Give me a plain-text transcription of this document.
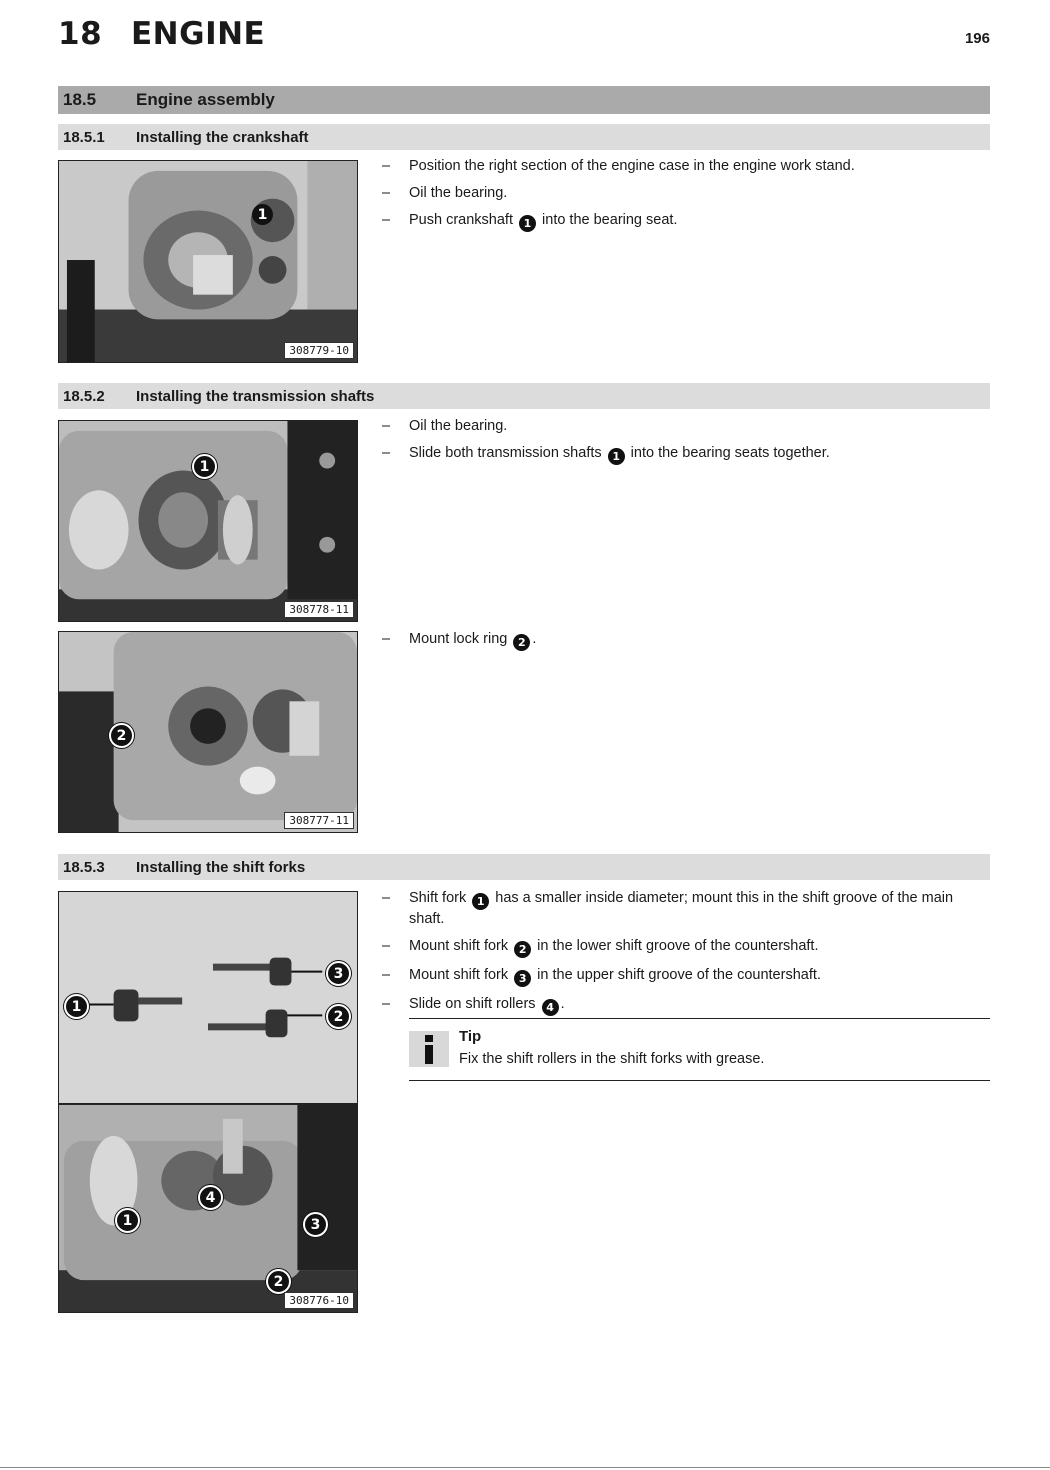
18 ENGINE	196
18.5	Engine assembly
18.5.1	Installing the crankshaft
1
308779-10
– Position the right section of the engine case in the engine work stand.
– Oil the bearing.
– Push crankshaft 1 into the bearing seat.
18.5.2	Installing the transmission shafts
1
308778-11
2
308777-11
– Oil the bearing.
– Slide both transmission shafts 1 into the bearing seats together.
– Mount lock ring 2 .
18.5.3	Installing the shift forks
1
2
3
1
2
3
4
308776-10
– Shift fork 1 has a smaller inside diameter; mount this in the shift groove of the main shaft.
– Mount shift fork 2 in the lower shift groove of the countershaft.
– Mount shift fork 3 in the upper shift groove of the countershaft.
– Slide on shift rollers 4 .
Tip
Fix the shift rollers in the shift forks with grease.
